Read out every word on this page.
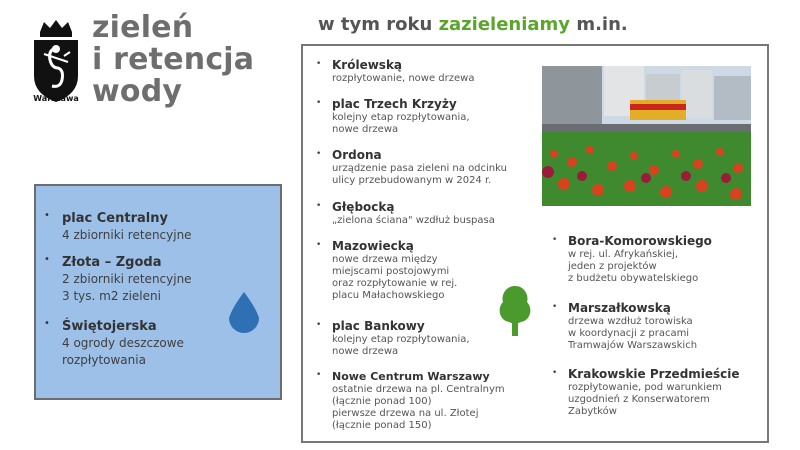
Warszawa
zieleń
i retencja
wody
• plac Centralny
4 zbiorniki retencyjne
• Złota – Zgoda
2 zbiorniki retencyjne
3 tys. m2 zieleni
• Świętojerska
4 ogrody deszczowe
rozpłytowania
w tym roku zazieleniamy m.in.
• Królewską
rozpłytowanie, nowe drzewa
• plac Trzech Krzyży
kolejny etap rozpłytowania,
nowe drzewa
• Ordona
urządzenie pasa zieleni na odcinku
ulicy przebudowanym w 2024 r.
• Głębocką
„zielona ściana" wzdłuż buspasa
• Mazowiecką
nowe drzewa między
miejscami postojowymi
oraz rozpłytowanie w rej.
placu Małachowskiego
• plac Bankowy
kolejny etap rozpłytowania,
nowe drzewa
• Nowe Centrum Warszawy
ostatnie drzewa na pl. Centralnym
(łącznie ponad 100)
pierwsze drzewa na ul. Złotej
(łącznie ponad 150)
• Bora-Komorowskiego
w rej. ul. Afrykańskiej,
jeden z projektów
z budżetu obywatelskiego
• Marszałkowską
drzewa wzdłuż torowiska
w koordynacji z pracami
Tramwajów Warszawskich
• Krakowskie Przedmieście
rozpłytowanie, pod warunkiem
uzgodnień z Konserwatorem
Zabytków
